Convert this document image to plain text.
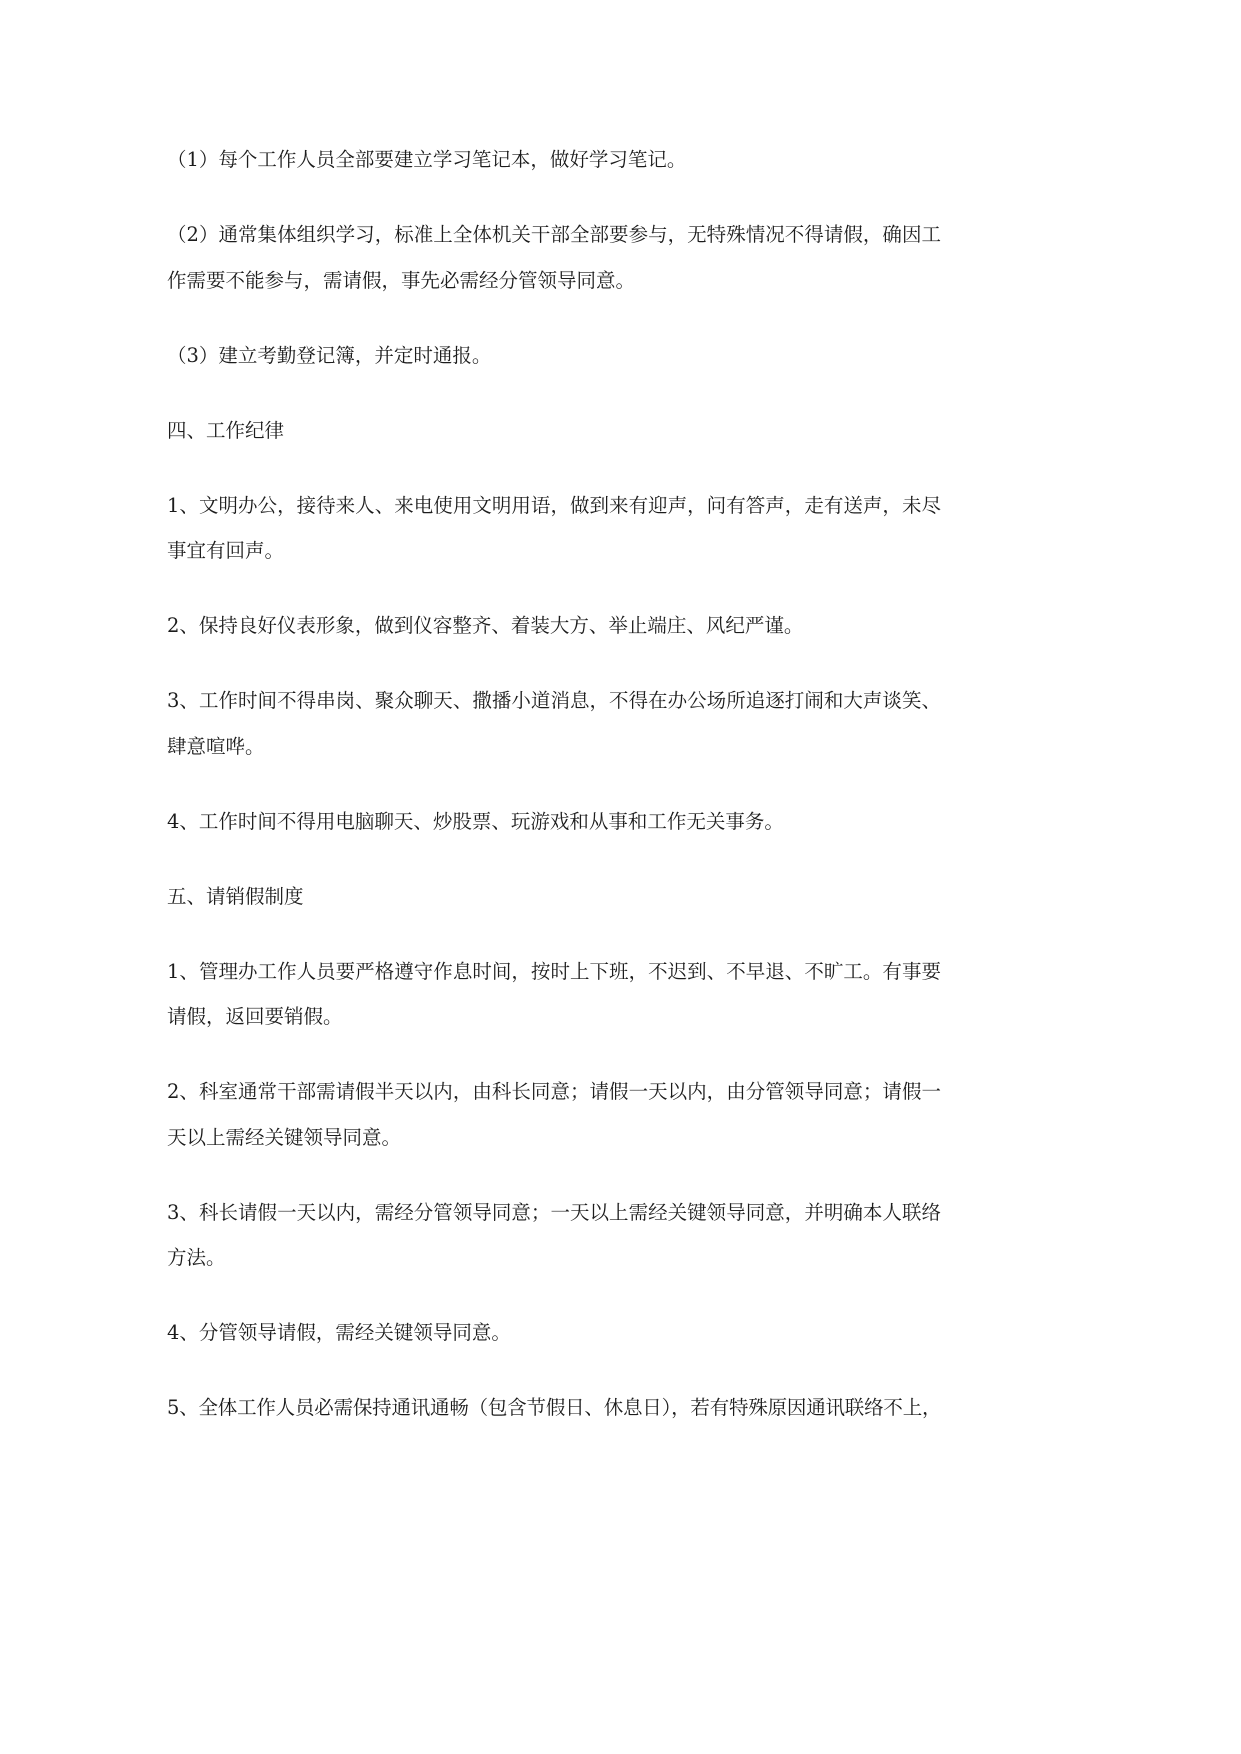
（1）每个工作人员全部要建立学习笔记本，做好学习笔记。
（2）通常集体组织学习，标准上全体机关干部全部要参与，无特殊情况不得请假，确因工
作需要不能参与，需请假，事先必需经分管领导同意。
（3）建立考勤登记簿，并定时通报。
四、工作纪律
1、文明办公，接待来人、来电使用文明用语，做到来有迎声，问有答声，走有送声，未尽
事宜有回声。
2、保持良好仪表形象，做到仪容整齐、着装大方、举止端庄、风纪严谨。
3、工作时间不得串岗、聚众聊天、撒播小道消息，不得在办公场所追逐打闹和大声谈笑、
肆意喧哗。
4、工作时间不得用电脑聊天、炒股票、玩游戏和从事和工作无关事务。
五、请销假制度
1、管理办工作人员要严格遵守作息时间，按时上下班，不迟到、不早退、不旷工。有事要
请假，返回要销假。
2、科室通常干部需请假半天以内，由科长同意；请假一天以内，由分管领导同意；请假一
天以上需经关键领导同意。
3、科长请假一天以内，需经分管领导同意；一天以上需经关键领导同意，并明确本人联络
方法。
4、分管领导请假，需经关键领导同意。
5、全体工作人员必需保持通讯通畅（包含节假日、休息日），若有特殊原因通讯联络不上，
